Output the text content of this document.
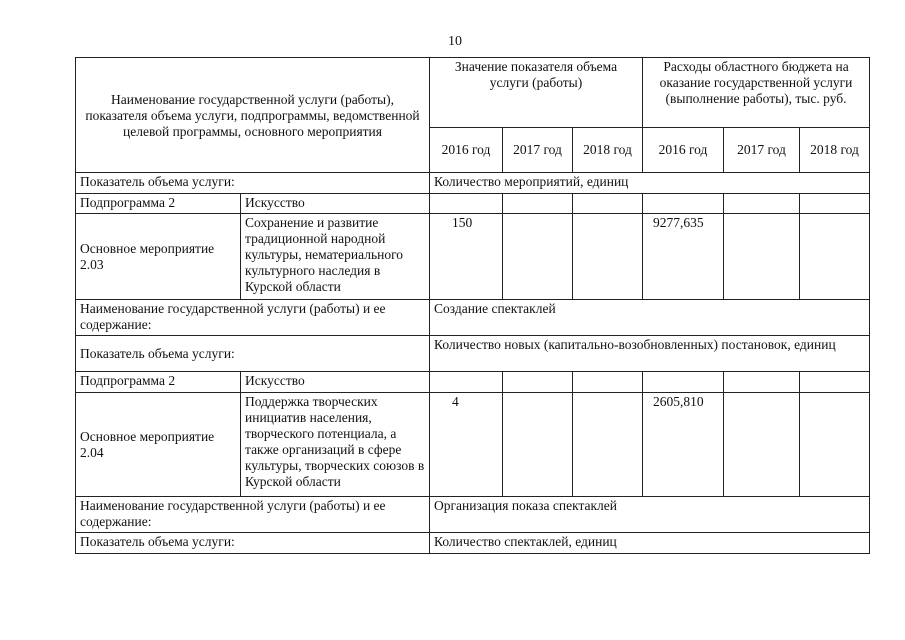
10
Наименование государственной услуги (работы), показателя объема услуги, подпрограммы, ведомственной целевой программы, основного мероприятия		Значение показателя объема услуги (работы)			Расходы областного бюджета на оказание государственной услуги (выполнение работы), тыс. руб.		
		2016 год	2017 год	2018 год	2016 год	2017 год	2018 год
Показатель объема услуги:		Количество мероприятий, единиц					
Подпрограмма 2	Искусство						
Основное мероприятие 2.03	Сохранение и развитие традиционной народной культуры, нематериального культурного наследия в Курской области	150			9277,635		
Наименование государственной услуги (работы) и ее содержание:		Создание спектаклей					
Показатель объема услуги:		Количество новых (капитально-возобновленных) постановок, единиц					
Подпрограмма 2	Искусство						
Основное мероприятие 2.04	Поддержка творческих инициатив населения, творческого потенциала, а также организаций в сфере культуры, творческих союзов в Курской области	4			2605,810		
Наименование государственной услуги (работы) и ее содержание:		Организация показа спектаклей					
Показатель объема услуги:		Количество спектаклей, единиц					
